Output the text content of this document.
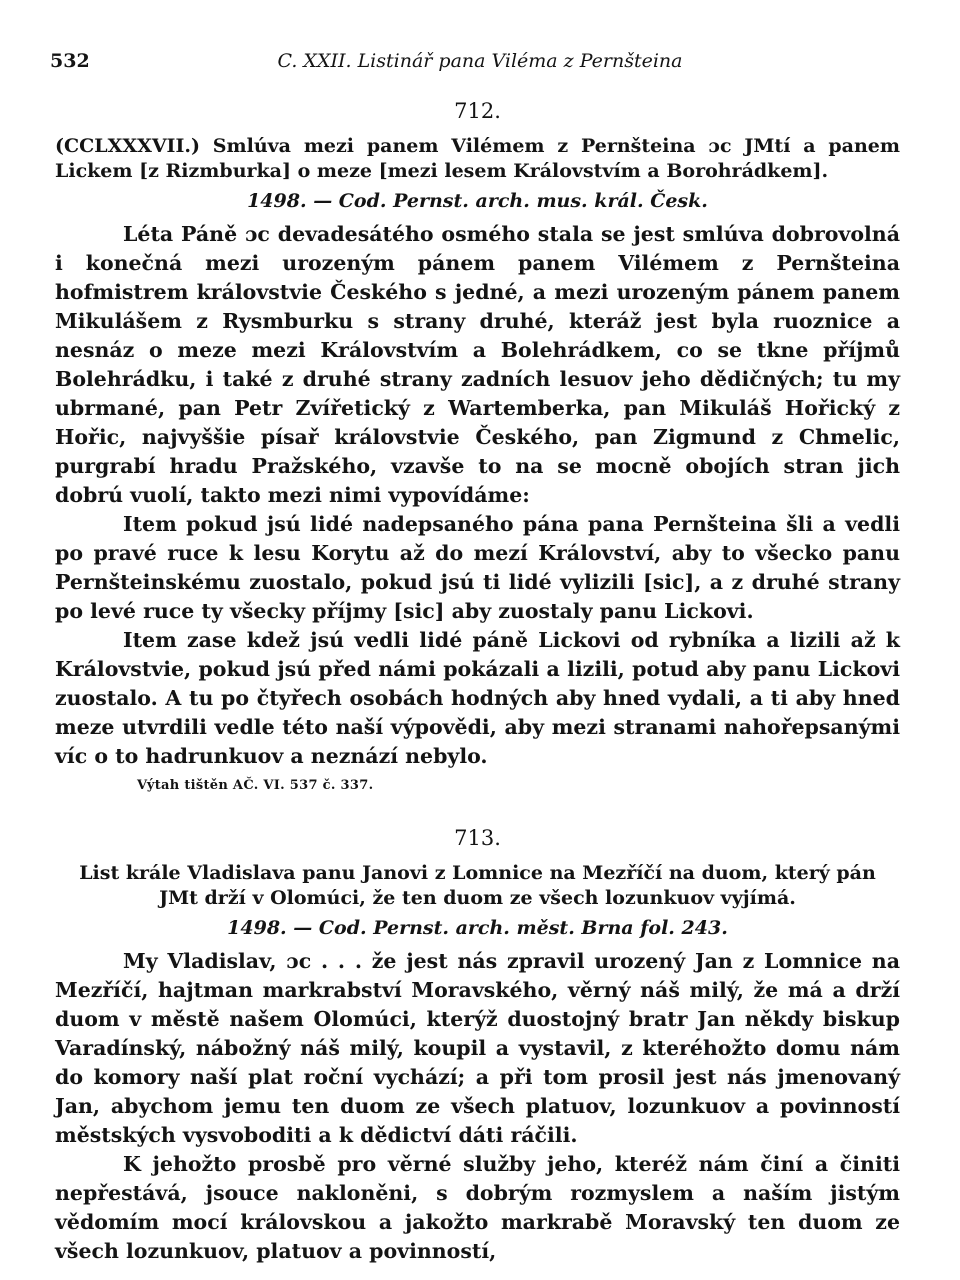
532	C. XXII. Listinář pana Viléma z Pernšteina
712.
(CCLXXXVII.) Smlúva mezi panem Vilémem z Pernšteina ɔc JMtí a panem Lickem [z Rizmburka] o meze [mezi lesem Královstvím a Borohrádkem].
1498. — Cod. Pernst. arch. mus. král. Česk.

Léta Páně ɔc devadesátého osmého stala se jest smlúva dobrovolná i konečná mezi urozeným pánem panem Vilémem z Pernšteina hofmistrem královstvie Českého s jedné, a mezi urozeným pánem panem Mikulášem z Rysmburku s strany druhé, kteráž jest byla ruoznice a nesnáz o meze mezi Královstvím a Bolehrádkem, co se tkne příjmů Bolehrádku, i také z druhé strany zadních lesuov jeho dědičných; tu my ubrmané, pan Petr Zvířetický z Wartemberka, pan Mikuláš Hořický z Hořic, najvyššie písař královstvie Českého, pan Zigmund z Chmelic, purgrabí hradu Pražského, vzavše to na se mocně obojích stran jich dobrú vuolí, takto mezi nimi vypovídáme:

Item pokud jsú lidé nadepsaného pána pana Pernšteina šli a vedli po pravé ruce k lesu Korytu až do mezí Království, aby to všecko panu Pernšteinskému zuostalo, pokud jsú ti lidé vylizili [sic], a z druhé strany po levé ruce ty všecky příjmy [sic] aby zuostaly panu Lickovi.

Item zase kdež jsú vedli lidé páně Lickovi od rybníka a lizili až k Královstvie, pokud jsú před námi pokázali a lizili, potud aby panu Lickovi zuostalo. A tu po čtyřech osobách hodných aby hned vydali, a ti aby hned meze utvrdili vedle této naší výpovědi, aby mezi stranami nahořepsanými víc o to hadrunkuov a neznází nebylo.

Výtah tištěn AČ. VI. 537 č. 337.
713.
List krále Vladislava panu Janovi z Lomnice na Mezříčí na duom, který pán JMt drží v Olomúci, že ten duom ze všech lozunkuov vyjímá.
1498. — Cod. Pernst. arch. měst. Brna fol. 243.

My Vladislav, ɔc . . . že jest nás zpravil urozený Jan z Lomnice na Mezříčí, hajtman markrabství Moravského, věrný náš milý, že má a drží duom v městě našem Olomúci, kterýž duostojný bratr Jan někdy biskup Varadínský, nábožný náš milý, koupil a vystavil, z kteréhožto domu nám do komory naší plat roční vychází; a při tom prosil jest nás jmenovaný Jan, abychom jemu ten duom ze všech platuov, lozunkuov a povinností městských vysvoboditi a k dědictví dáti ráčili.

K jehožto prosbě pro věrné služby jeho, kteréž nám činí a činiti nepřestává, jsouce nakloněni, s dobrým rozmyslem a naším jistým vědomím mocí královskou a jakožto markrabě Moravský ten duom ze všech lozunkuov, platuov a povinností,
